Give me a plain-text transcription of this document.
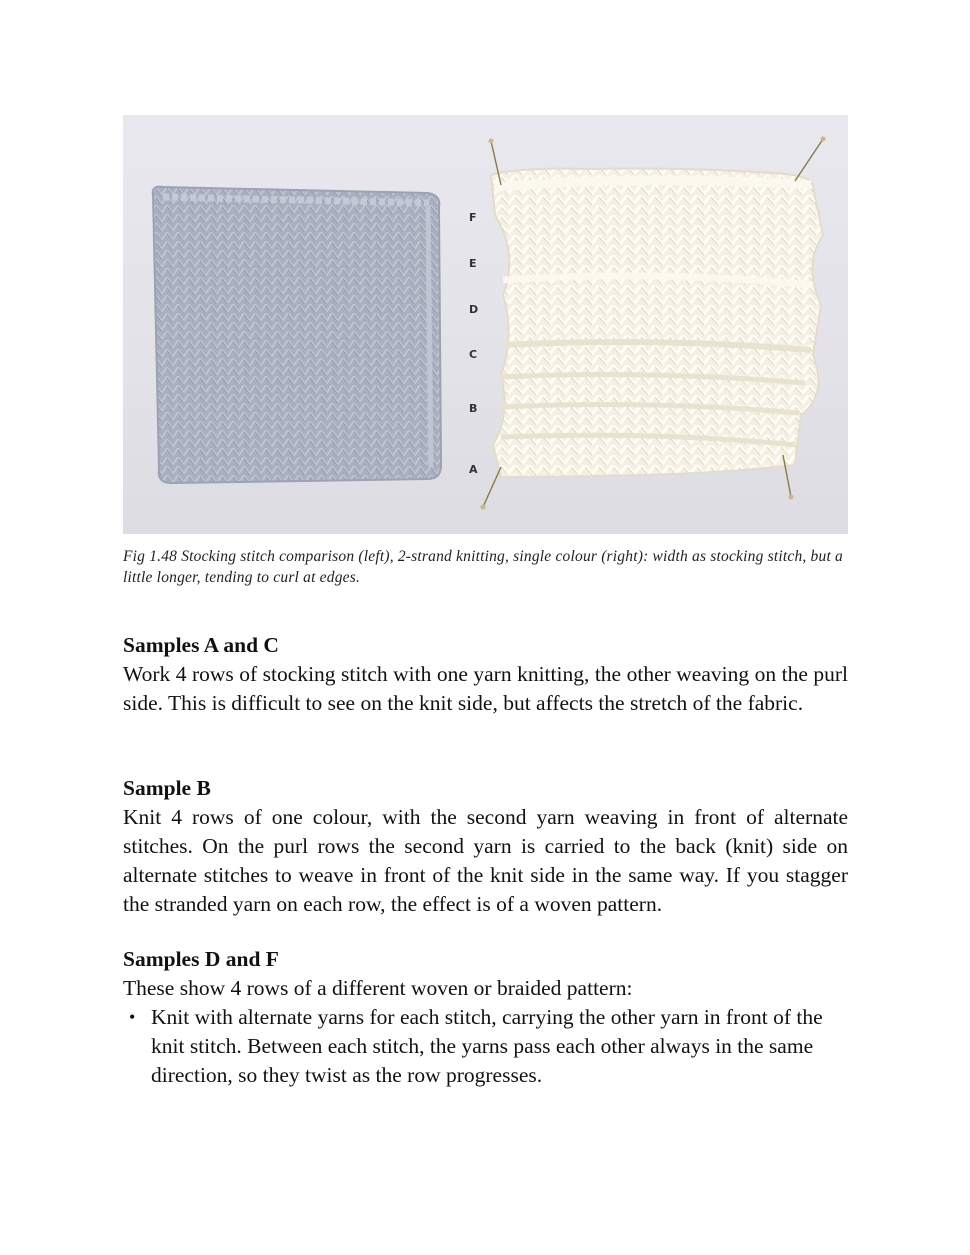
F
E
D
C
B
A
Fig 1.48 Stocking stitch comparison (left), 2-strand knitting, single colour (right): width as stocking stitch, but a little longer, tending to curl at edges.
Samples A and C

Work 4 rows of stocking stitch with one yarn knitting, the other weaving on the purl side. This is difficult to see on the knit side, but affects the stretch of the fabric.

Sample B

Knit 4 rows of one colour, with the second yarn weaving in front of alternate stitches. On the purl rows the second yarn is carried to the back (knit) side on alternate stitches to weave in front of the knit side in the same way. If you stagger the stranded yarn on each row, the effect is of a woven pattern.

Samples D and F

These show 4 rows of a different woven or braided pattern:

• Knit with alternate yarns for each stitch, carrying the other yarn in front of the knit stitch. Between each stitch, the yarns pass each other always in the same direction, so they twist as the row progresses.
